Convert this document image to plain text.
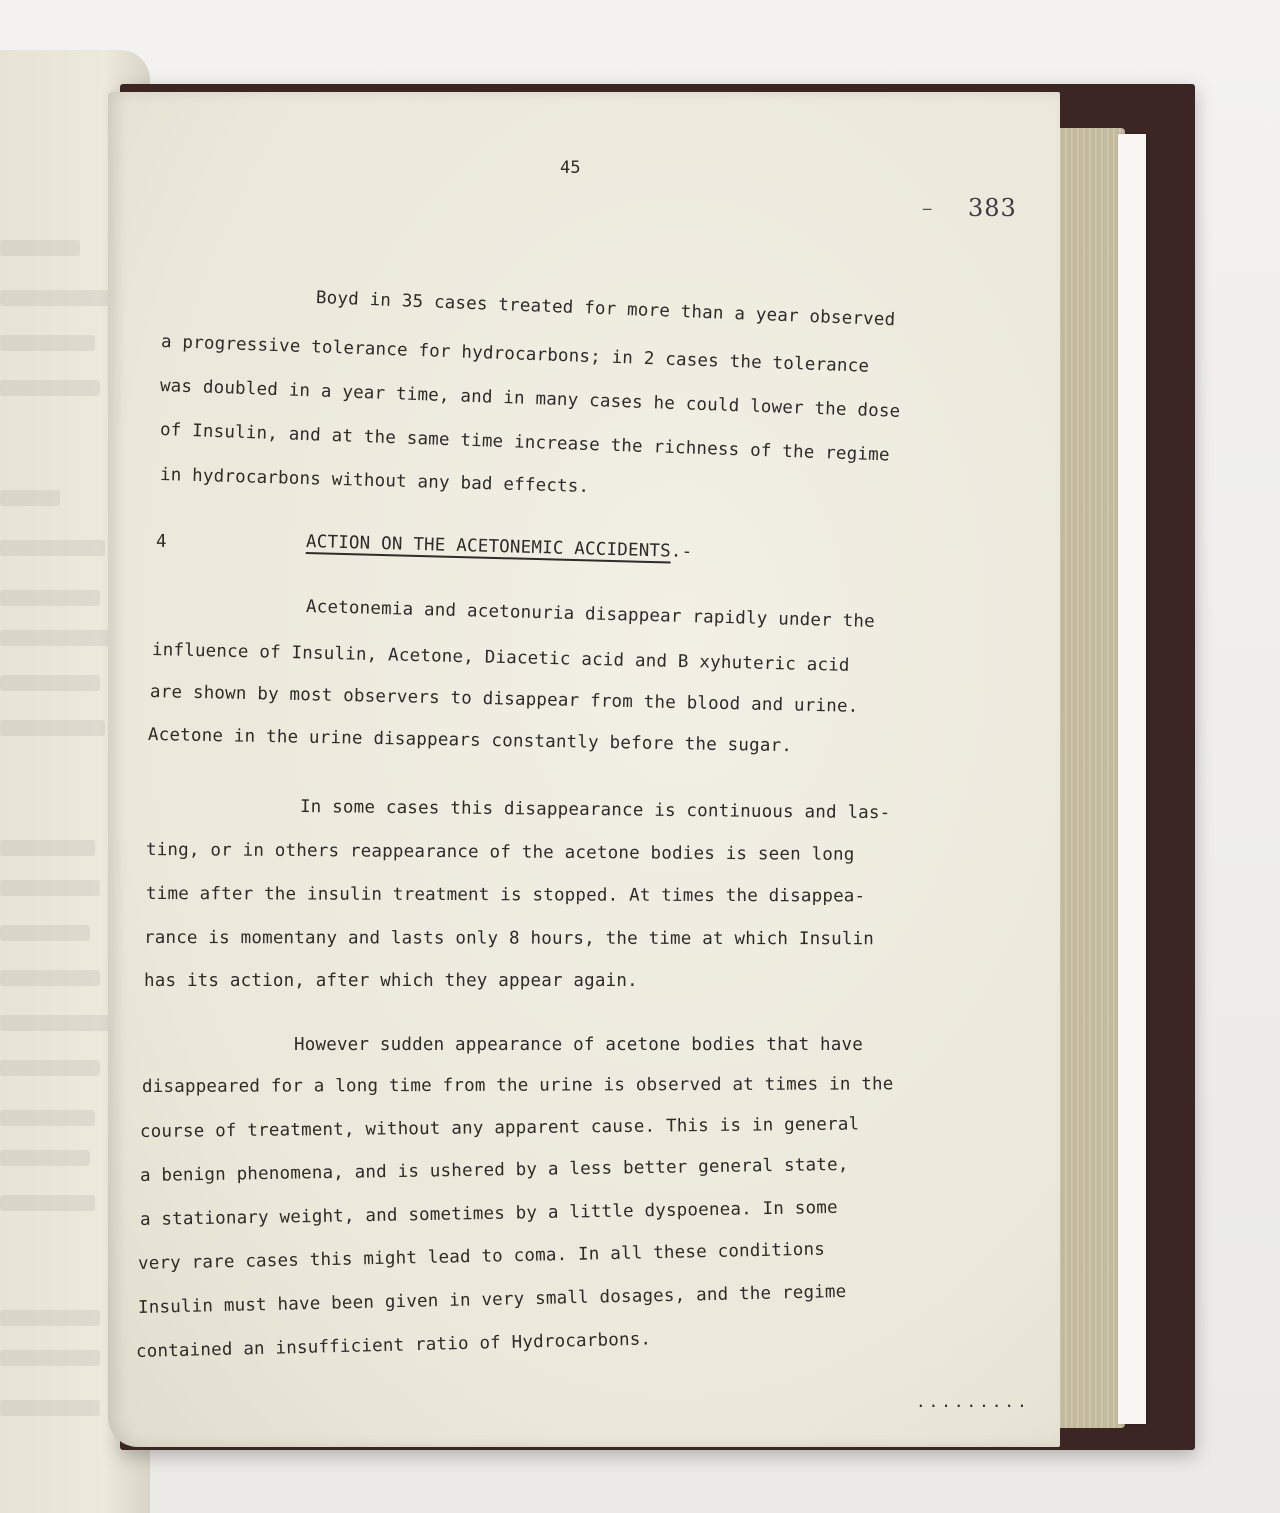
45
ـ 383
Boyd in 35 cases treated for more than a year observed
a progressive tolerance for hydrocarbons; in 2 cases the tolerance
was doubled in a year time, and in many cases he could lower the dose
of Insulin, and at the same time increase the richness of the regime
in hydrocarbons without any bad effects.
4	ACTION ON THE ACETONEMIC ACCIDENTS.-
Acetonemia and acetonuria disappear rapidly under the
influence of Insulin, Acetone, Diacetic acid and B xyhuteric acid
are shown by most observers to disappear from the blood and urine.
Acetone in the urine disappears constantly before the sugar.
In some cases this disappearance is continuous and las-
ting, or in others reappearance of the acetone bodies is seen long
time after the insulin treatment is stopped. At times the disappea-
rance is momentany and lasts only 8 hours, the time at which Insulin
has its action, after which they appear again.
However sudden appearance of acetone bodies that have
disappeared for a long time from the urine is observed at times in the
course of treatment, without any apparent cause. This is in general
a benign phenomena, and is ushered by a less better general state,
a stationary weight, and sometimes by a little dyspoenea. In some
very rare cases this might lead to coma. In all these conditions
Insulin must have been given in very small dosages, and the regime
contained an insufficient ratio of Hydrocarbons.
.........
